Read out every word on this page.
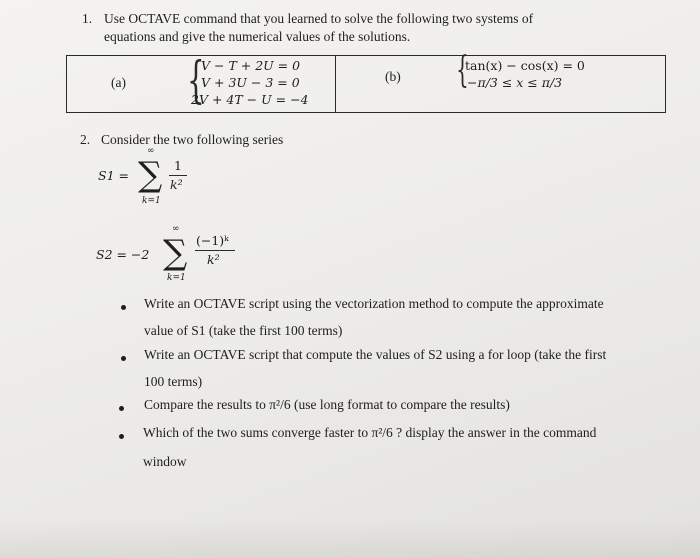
1. Use OCTAVE command that you learned to solve the following two systems of
equations and give the numerical values of the solutions.
(a) {
V − T + 2U = 0
V + 3U − 3 = 0
2V + 4T − U = −4
(b) {
tan(x) − cos(x) = 0
−π/3 ≤ x ≤ π/3
2. Consider the two following series
S1 =
∞
∑
k=1
1
k²
S2 = −2
∞
∑
k=1
(−1)ᵏ
k²
Write an OCTAVE script using the vectorization method to compute the approximate
value of S1 (take the first 100 terms)
Write an OCTAVE script that compute the values of S2 using a for loop (take the first
100 terms)
Compare the results to π²/6 (use long format to compare the results)
Which of the two sums converge faster to π²/6 ? display the answer in the command
window
